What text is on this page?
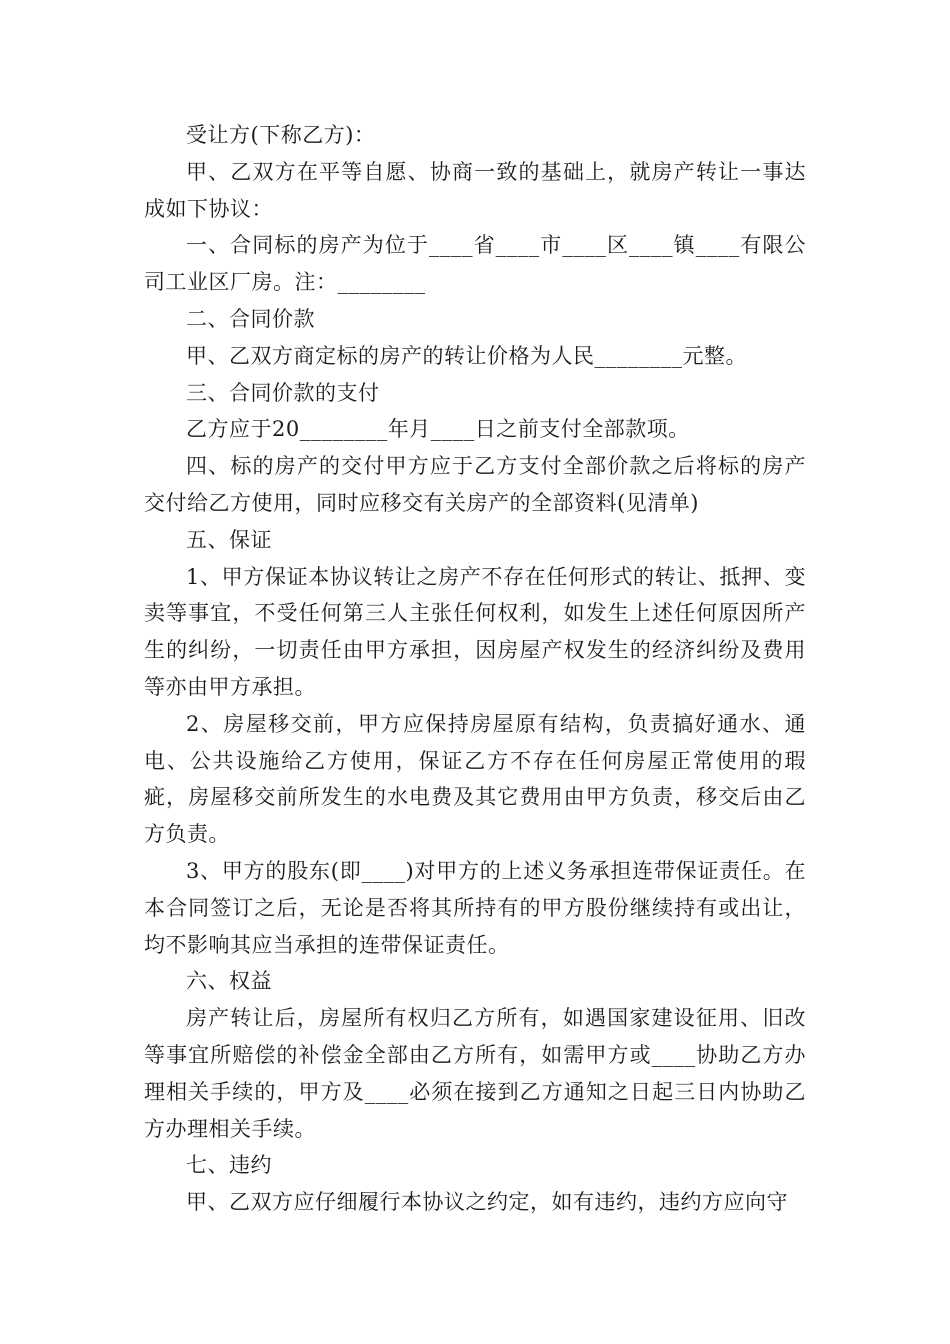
受让方(下称乙方)：

甲、乙双方在平等自愿、协商一致的基础上，就房产转让一事达成如下协议：

一、合同标的房产为位于____省____市____区____镇____有限公司工业区厂房。注：________

二、合同价款

甲、乙双方商定标的房产的转让价格为人民________元整。

三、合同价款的支付

乙方应于20________年月____日之前支付全部款项。

四、标的房产的交付甲方应于乙方支付全部价款之后将标的房产交付给乙方使用，同时应移交有关房产的全部资料(见清单)

五、保证

1、甲方保证本协议转让之房产不存在任何形式的转让、抵押、变卖等事宜，不受任何第三人主张任何权利，如发生上述任何原因所产生的纠纷，一切责任由甲方承担，因房屋产权发生的经济纠纷及费用等亦由甲方承担。

2、房屋移交前，甲方应保持房屋原有结构，负责搞好通水、通电、公共设施给乙方使用，保证乙方不存在任何房屋正常使用的瑕疵，房屋移交前所发生的水电费及其它费用由甲方负责，移交后由乙方负责。

3、甲方的股东(即____)对甲方的上述义务承担连带保证责任。在本合同签订之后，无论是否将其所持有的甲方股份继续持有或出让，均不影响其应当承担的连带保证责任。

六、权益

房产转让后，房屋所有权归乙方所有，如遇国家建设征用、旧改等事宜所赔偿的补偿金全部由乙方所有，如需甲方或____协助乙方办理相关手续的，甲方及____必须在接到乙方通知之日起三日内协助乙方办理相关手续。

七、违约

甲、乙双方应仔细履行本协议之约定，如有违约，违约方应向守
